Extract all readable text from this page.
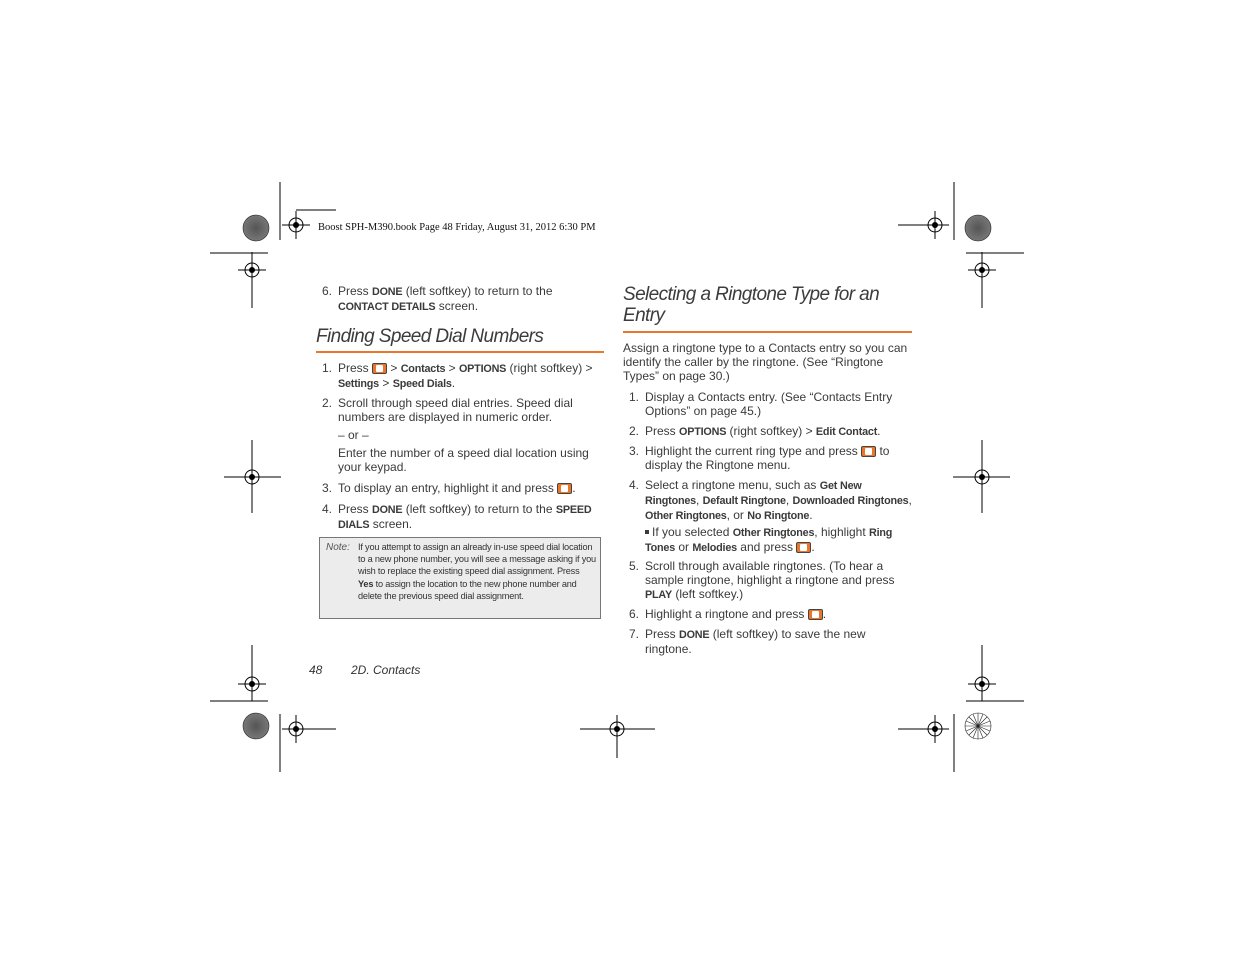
Boost SPH-M390.book Page 48 Friday, August 31, 2012 6:30 PM
6. Press DONE (left softkey) to return to the CONTACT DETAILS screen.
Finding Speed Dial Numbers
1. Press  > Contacts > OPTIONS (right softkey) > Settings > Speed Dials.
2. Scroll through speed dial entries. Speed dial numbers are displayed in numeric order.
– or –
Enter the number of a speed dial location using your keypad.
3. To display an entry, highlight it and press .
4. Press DONE (left softkey) to return to the SPEED DIALS screen.
Note: If you attempt to assign an already in-use speed dial location to a new phone number, you will see a message asking if you wish to replace the existing speed dial assignment. Press Yes to assign the location to the new phone number and delete the previous speed dial assignment.
Selecting a Ringtone Type for an Entry
Assign a ringtone type to a Contacts entry so you can identify the caller by the ringtone. (See “Ringtone Types” on page 30.)
1. Display a Contacts entry. (See “Contacts Entry Options” on page 45.)
2. Press OPTIONS (right softkey) > Edit Contact.
3. Highlight the current ring type and press  to display the Ringtone menu.
4. Select a ringtone menu, such as Get New Ringtones, Default Ringtone, Downloaded Ringtones, Other Ringtones, or No Ringtone.
If you selected Other Ringtones, highlight Ring Tones or Melodies and press .
5. Scroll through available ringtones. (To hear a sample ringtone, highlight a ringtone and press PLAY (left softkey.)
6. Highlight a ringtone and press .
7. Press DONE (left softkey) to save the new ringtone.
48 2D. Contacts
